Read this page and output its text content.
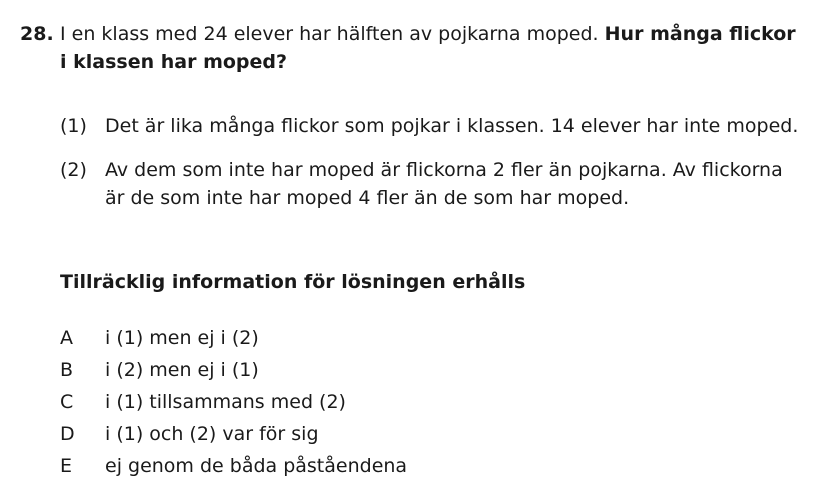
28. I en klass med 24 elever har hälften av pojkarna moped. Hur många flickor i klassen har moped?
(1) Det är lika många flickor som pojkar i klassen. 14 elever har inte moped.
(2) Av dem som inte har moped är flickorna 2 fler än pojkarna. Av flickorna är de som inte har moped 4 fler än de som har moped.
Tillräcklig information för lösningen erhålls
A i (1) men ej i (2)
B i (2) men ej i (1)
C i (1) tillsammans med (2)
D i (1) och (2) var för sig
E ej genom de båda påståendena
